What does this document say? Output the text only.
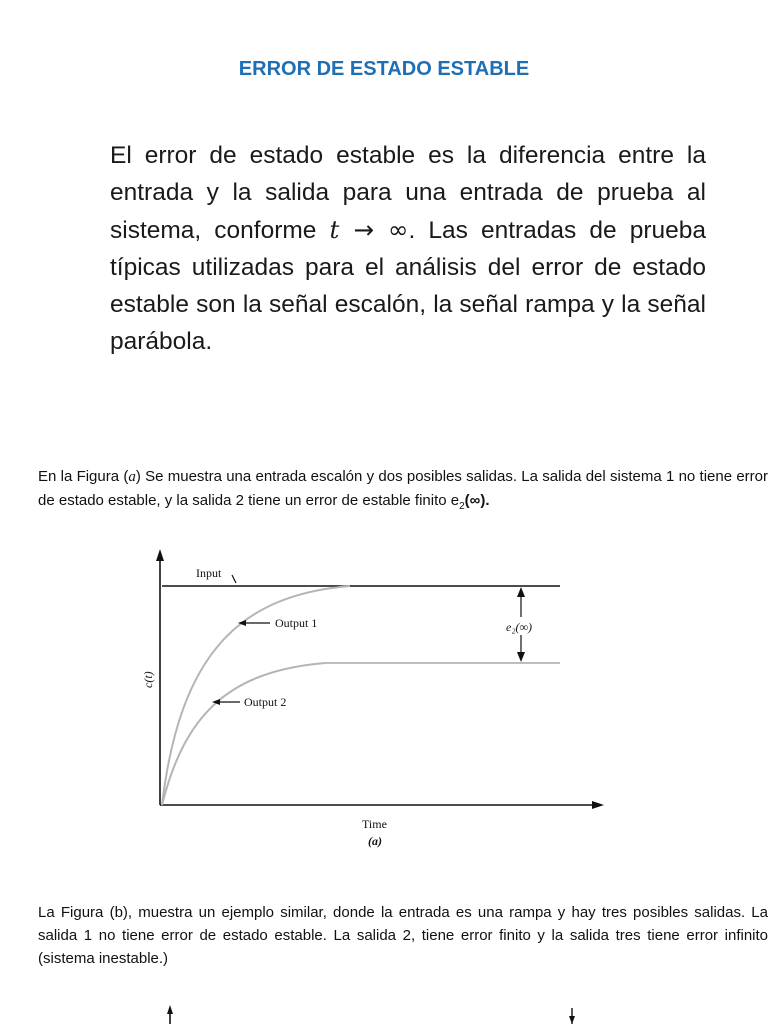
ERROR DE ESTADO ESTABLE

El error de estado estable es la diferencia entre la entrada y la salida para una entrada de prueba al sistema, conforme t → ∞. Las entradas de prueba típicas utilizadas para el análisis del error de estado estable son la señal escalón, la señal rampa y la señal parábola.

En la Figura (a) Se muestra una entrada escalón y dos posibles salidas. La salida del sistema 1 no tiene error de estado estable, y la salida 2 tiene un error de estable finito $e_2(\infty)$.

Input
Output 1
Output 2
e₂(∞)
c(t)
Time
(a)

La Figura (b), muestra un ejemplo similar, donde la entrada es una rampa y hay tres posibles salidas. La salida 1 no tiene error de estado estable. La salida 2, tiene error finito y la salida tres tiene error infinito (sistema inestable.)
